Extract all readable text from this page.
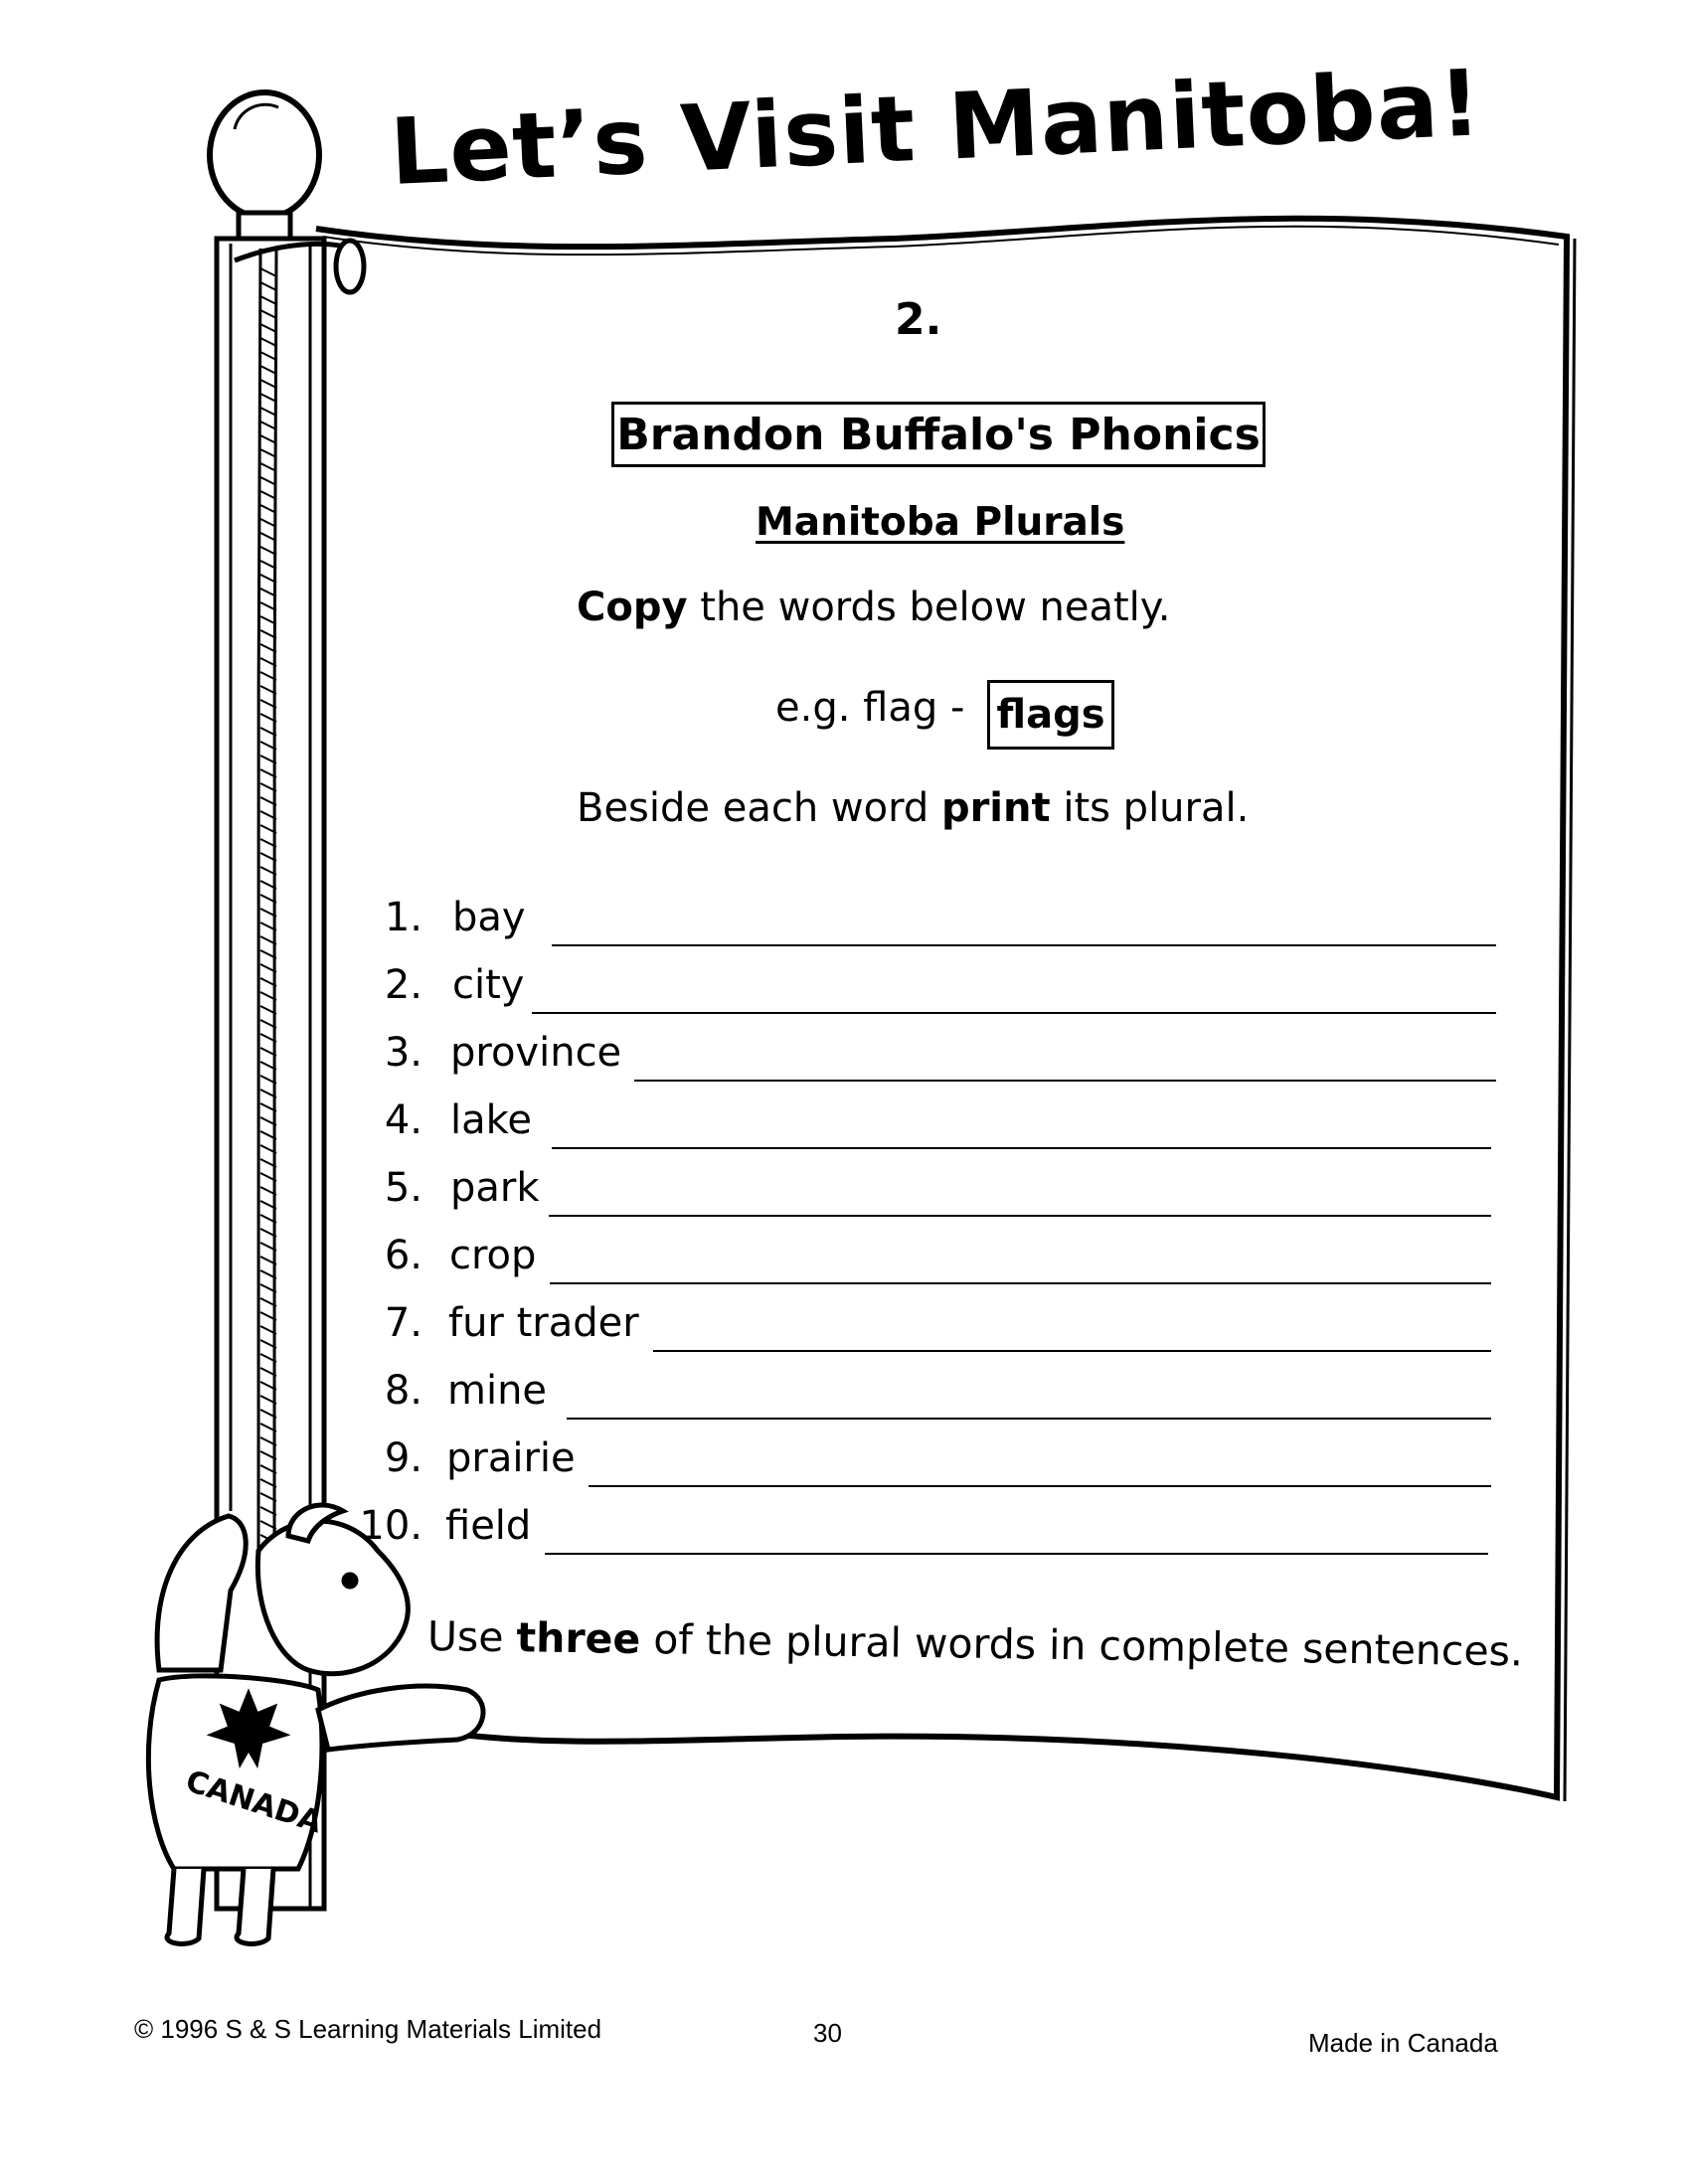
CANADA
Let’s Visit Manitoba!
2.
Brandon Buffalo's Phonics
Manitoba Plurals
Copy the words below neatly.
e.g. flag - flags
Beside each word print its plural.
1. bay
2. city
3. province
4. lake
5. park
6. crop
7. fur trader
8. mine
9. prairie
10. field
Use three of the plural words in complete sentences.
© 1996 S & S Learning Materials Limited	30	Made in Canada
